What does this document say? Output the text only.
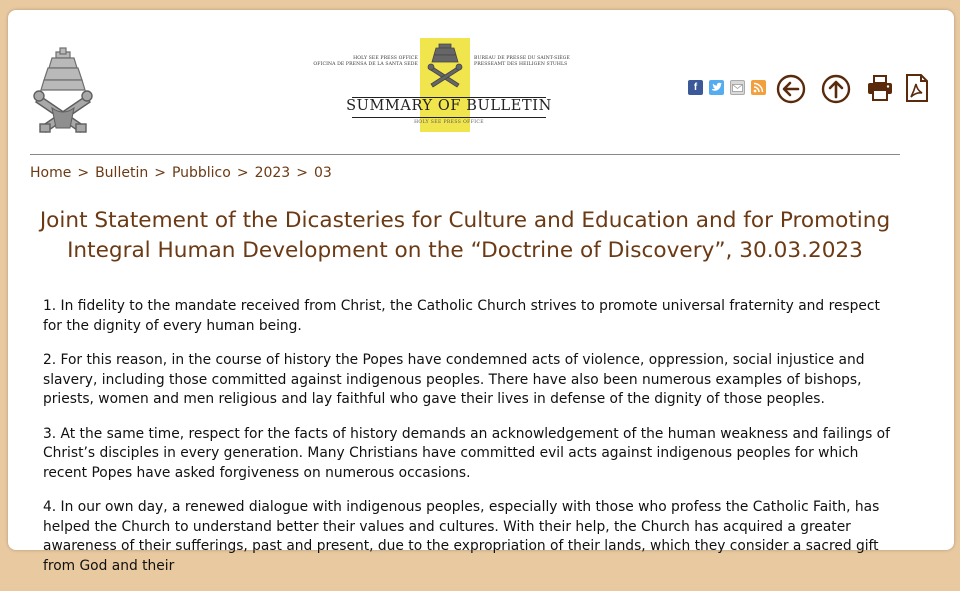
HOLY SEE PRESS OFFICE
OFICINA DE PRENSA DE LA SANTA SEDE
BUREAU DE PRESSE DU SAINT-SIÈGE
PRESSEAMT DES HEILIGEN STUHLS
SUMMARY OF BULLETIN
HOLY SEE PRESS OFFICE
f
Home > Bulletin > Pubblico > 2023 > 03
Joint Statement of the Dicasteries for Culture and Education and for Promoting Integral Human Development on the “Doctrine of Discovery”, 30.03.2023

1. In fidelity to the mandate received from Christ, the Catholic Church strives to promote universal fraternity and respect for the dignity of every human being.

2. For this reason, in the course of history the Popes have condemned acts of violence, oppression, social injustice and slavery, including those committed against indigenous peoples. There have also been numerous examples of bishops, priests, women and men religious and lay faithful who gave their lives in defense of the dignity of those peoples.

3. At the same time, respect for the facts of history demands an acknowledgement of the human weakness and failings of Christ’s disciples in every generation. Many Christians have committed evil acts against indigenous peoples for which recent Popes have asked forgiveness on numerous occasions.

4. In our own day, a renewed dialogue with indigenous peoples, especially with those who profess the Catholic Faith, has helped the Church to understand better their values and cultures. With their help, the Church has acquired a greater awareness of their sufferings, past and present, due to the expropriation of their lands, which they consider a sacred gift from God and their
